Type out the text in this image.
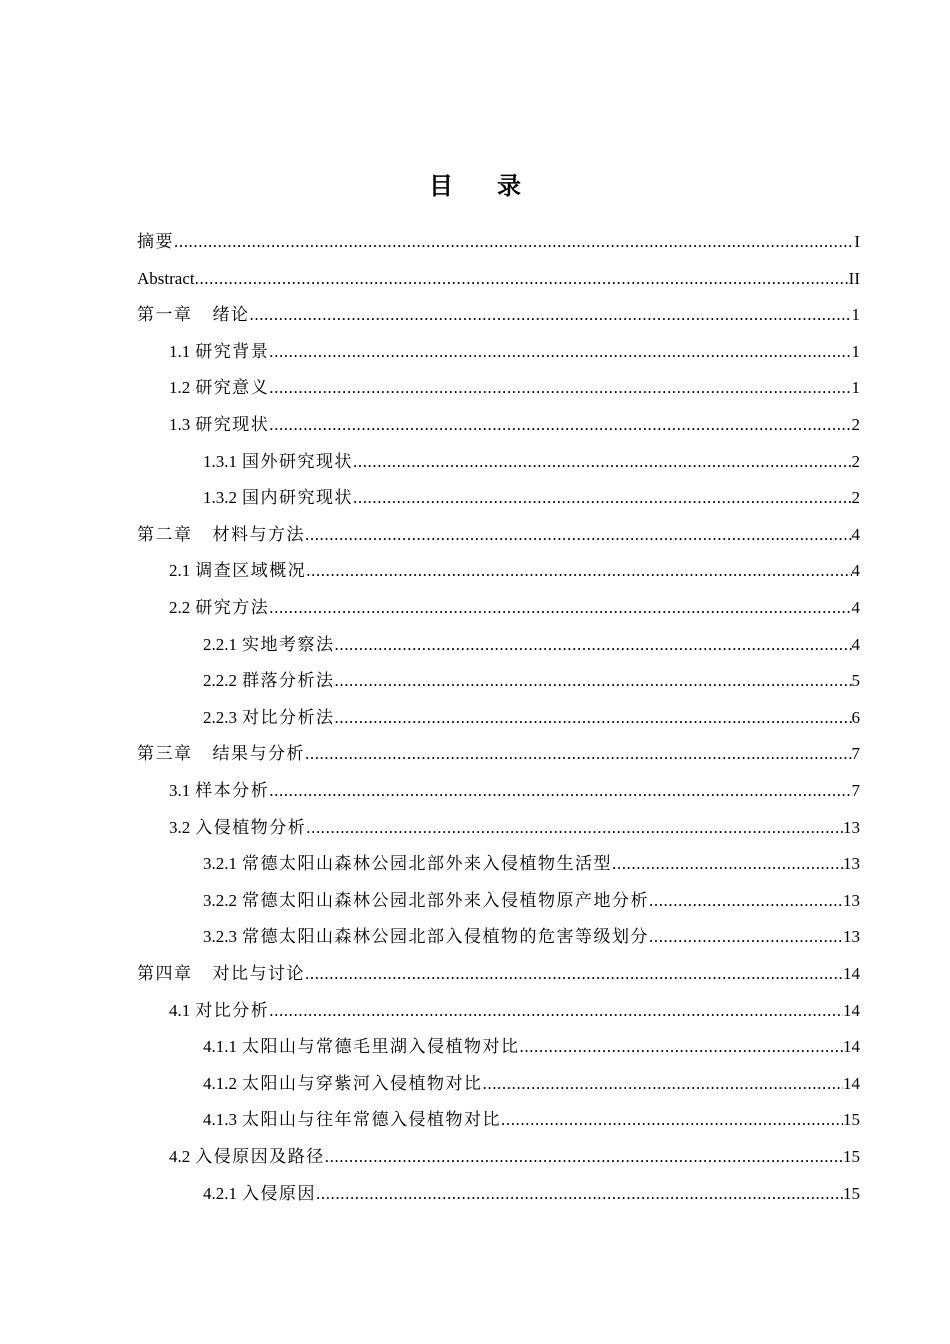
目 录
摘要 .....	I
Abstract .....	II
第一章 绪论 .....	1
1.1 研究背景 .....	1
1.2 研究意义 .....	1
1.3 研究现状 .....	2
1.3.1 国外研究现状 .....	2
1.3.2 国内研究现状 .....	2
第二章 材料与方法 .....	4
2.1 调查区域概况 .....	4
2.2 研究方法 .....	4
2.2.1 实地考察法 .....	4
2.2.2 群落分析法 .....	5
2.2.3 对比分析法 .....	6
第三章 结果与分析 .....	7
3.1 样本分析 .....	7
3.2 入侵植物分析 .....	13
3.2.1 常德太阳山森林公园北部外来入侵植物生活型 .....	13
3.2.2 常德太阳山森林公园北部外来入侵植物原产地分析 .....	13
3.2.3 常德太阳山森林公园北部入侵植物的危害等级划分 .....	13
第四章 对比与讨论 .....	14
4.1 对比分析 .....	14
4.1.1 太阳山与常德毛里湖入侵植物对比 .....	14
4.1.2 太阳山与穿紫河入侵植物对比 .....	14
4.1.3 太阳山与往年常德入侵植物对比 .....	15
4.2 入侵原因及路径 .....	15
4.2.1 入侵原因 .....	15
